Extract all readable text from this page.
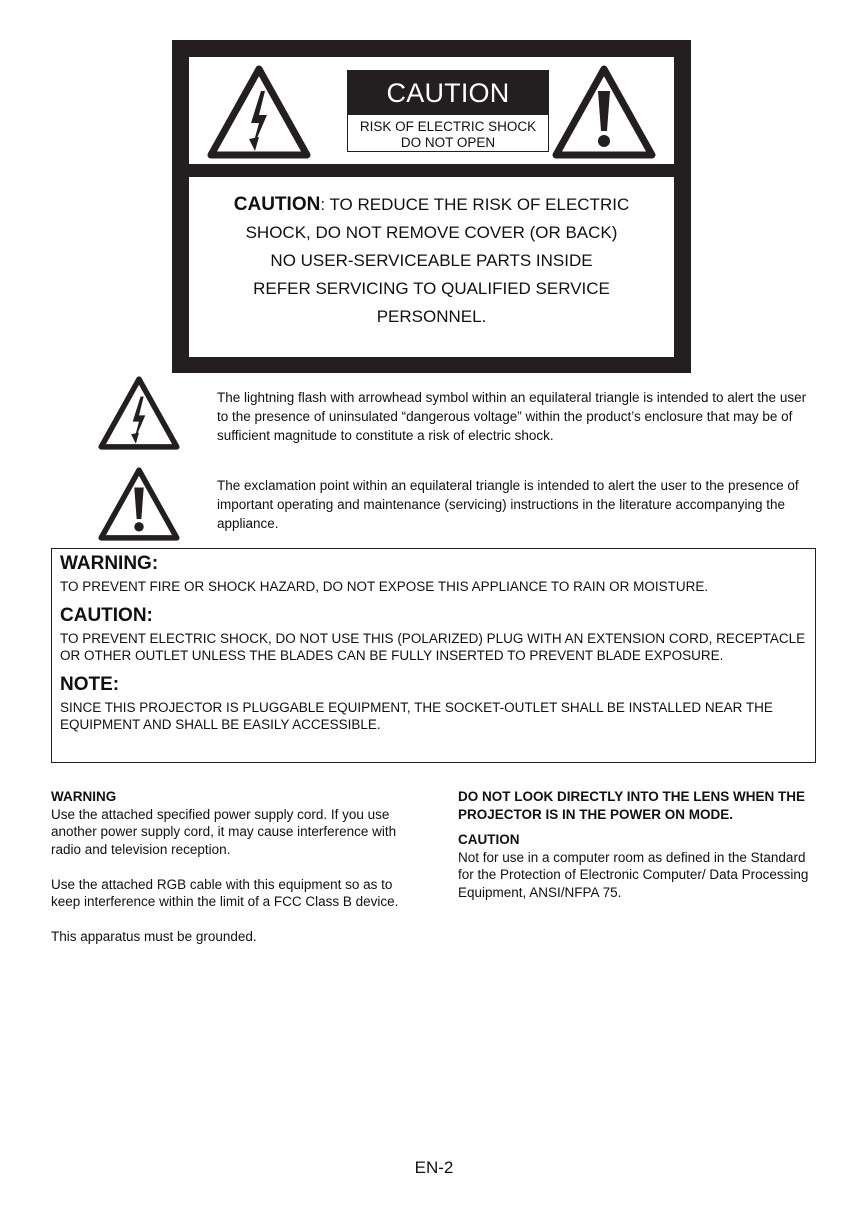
CAUTION
RISK OF ELECTRIC SHOCK
DO NOT OPEN
CAUTION: TO REDUCE THE RISK OF ELECTRIC
SHOCK, DO NOT REMOVE COVER (OR BACK)
NO USER-SERVICEABLE PARTS INSIDE
REFER SERVICING TO QUALIFIED SERVICE
PERSONNEL.
The lightning flash with arrowhead symbol within an equilateral triangle is intended to alert the user to the presence of uninsulated “dangerous voltage” within the product’s enclosure that may be of sufficient magnitude to constitute a risk of electric shock.
The exclamation point within an equilateral triangle is intended to alert the user to the presence of important operating and maintenance (servicing) instructions in the literature accompanying the appliance.
WARNING:
TO PREVENT FIRE OR SHOCK HAZARD, DO NOT EXPOSE THIS APPLIANCE TO RAIN OR MOISTURE.
CAUTION:
TO PREVENT ELECTRIC SHOCK, DO NOT USE THIS (POLARIZED) PLUG WITH AN EXTENSION CORD, RECEPTACLE OR OTHER OUTLET UNLESS THE BLADES CAN BE FULLY INSERTED TO PREVENT BLADE EXPOSURE.
NOTE:
SINCE THIS PROJECTOR IS PLUGGABLE EQUIPMENT, THE SOCKET-OUTLET SHALL BE INSTALLED NEAR THE EQUIPMENT AND SHALL BE EASILY ACCESSIBLE.
WARNING
Use the attached specified power supply cord. If you use another power supply cord, it may cause interference with radio and television reception.
Use the attached RGB cable with this equipment so as to keep interference within the limit of a FCC Class B device.
This apparatus must be grounded.
DO NOT LOOK DIRECTLY INTO THE LENS WHEN THE PROJECTOR IS IN THE POWER ON MODE.
CAUTION
Not for use in a computer room as defined in the Standard for the Protection of Electronic Computer/ Data Processing Equipment, ANSI/NFPA 75.
EN-2
